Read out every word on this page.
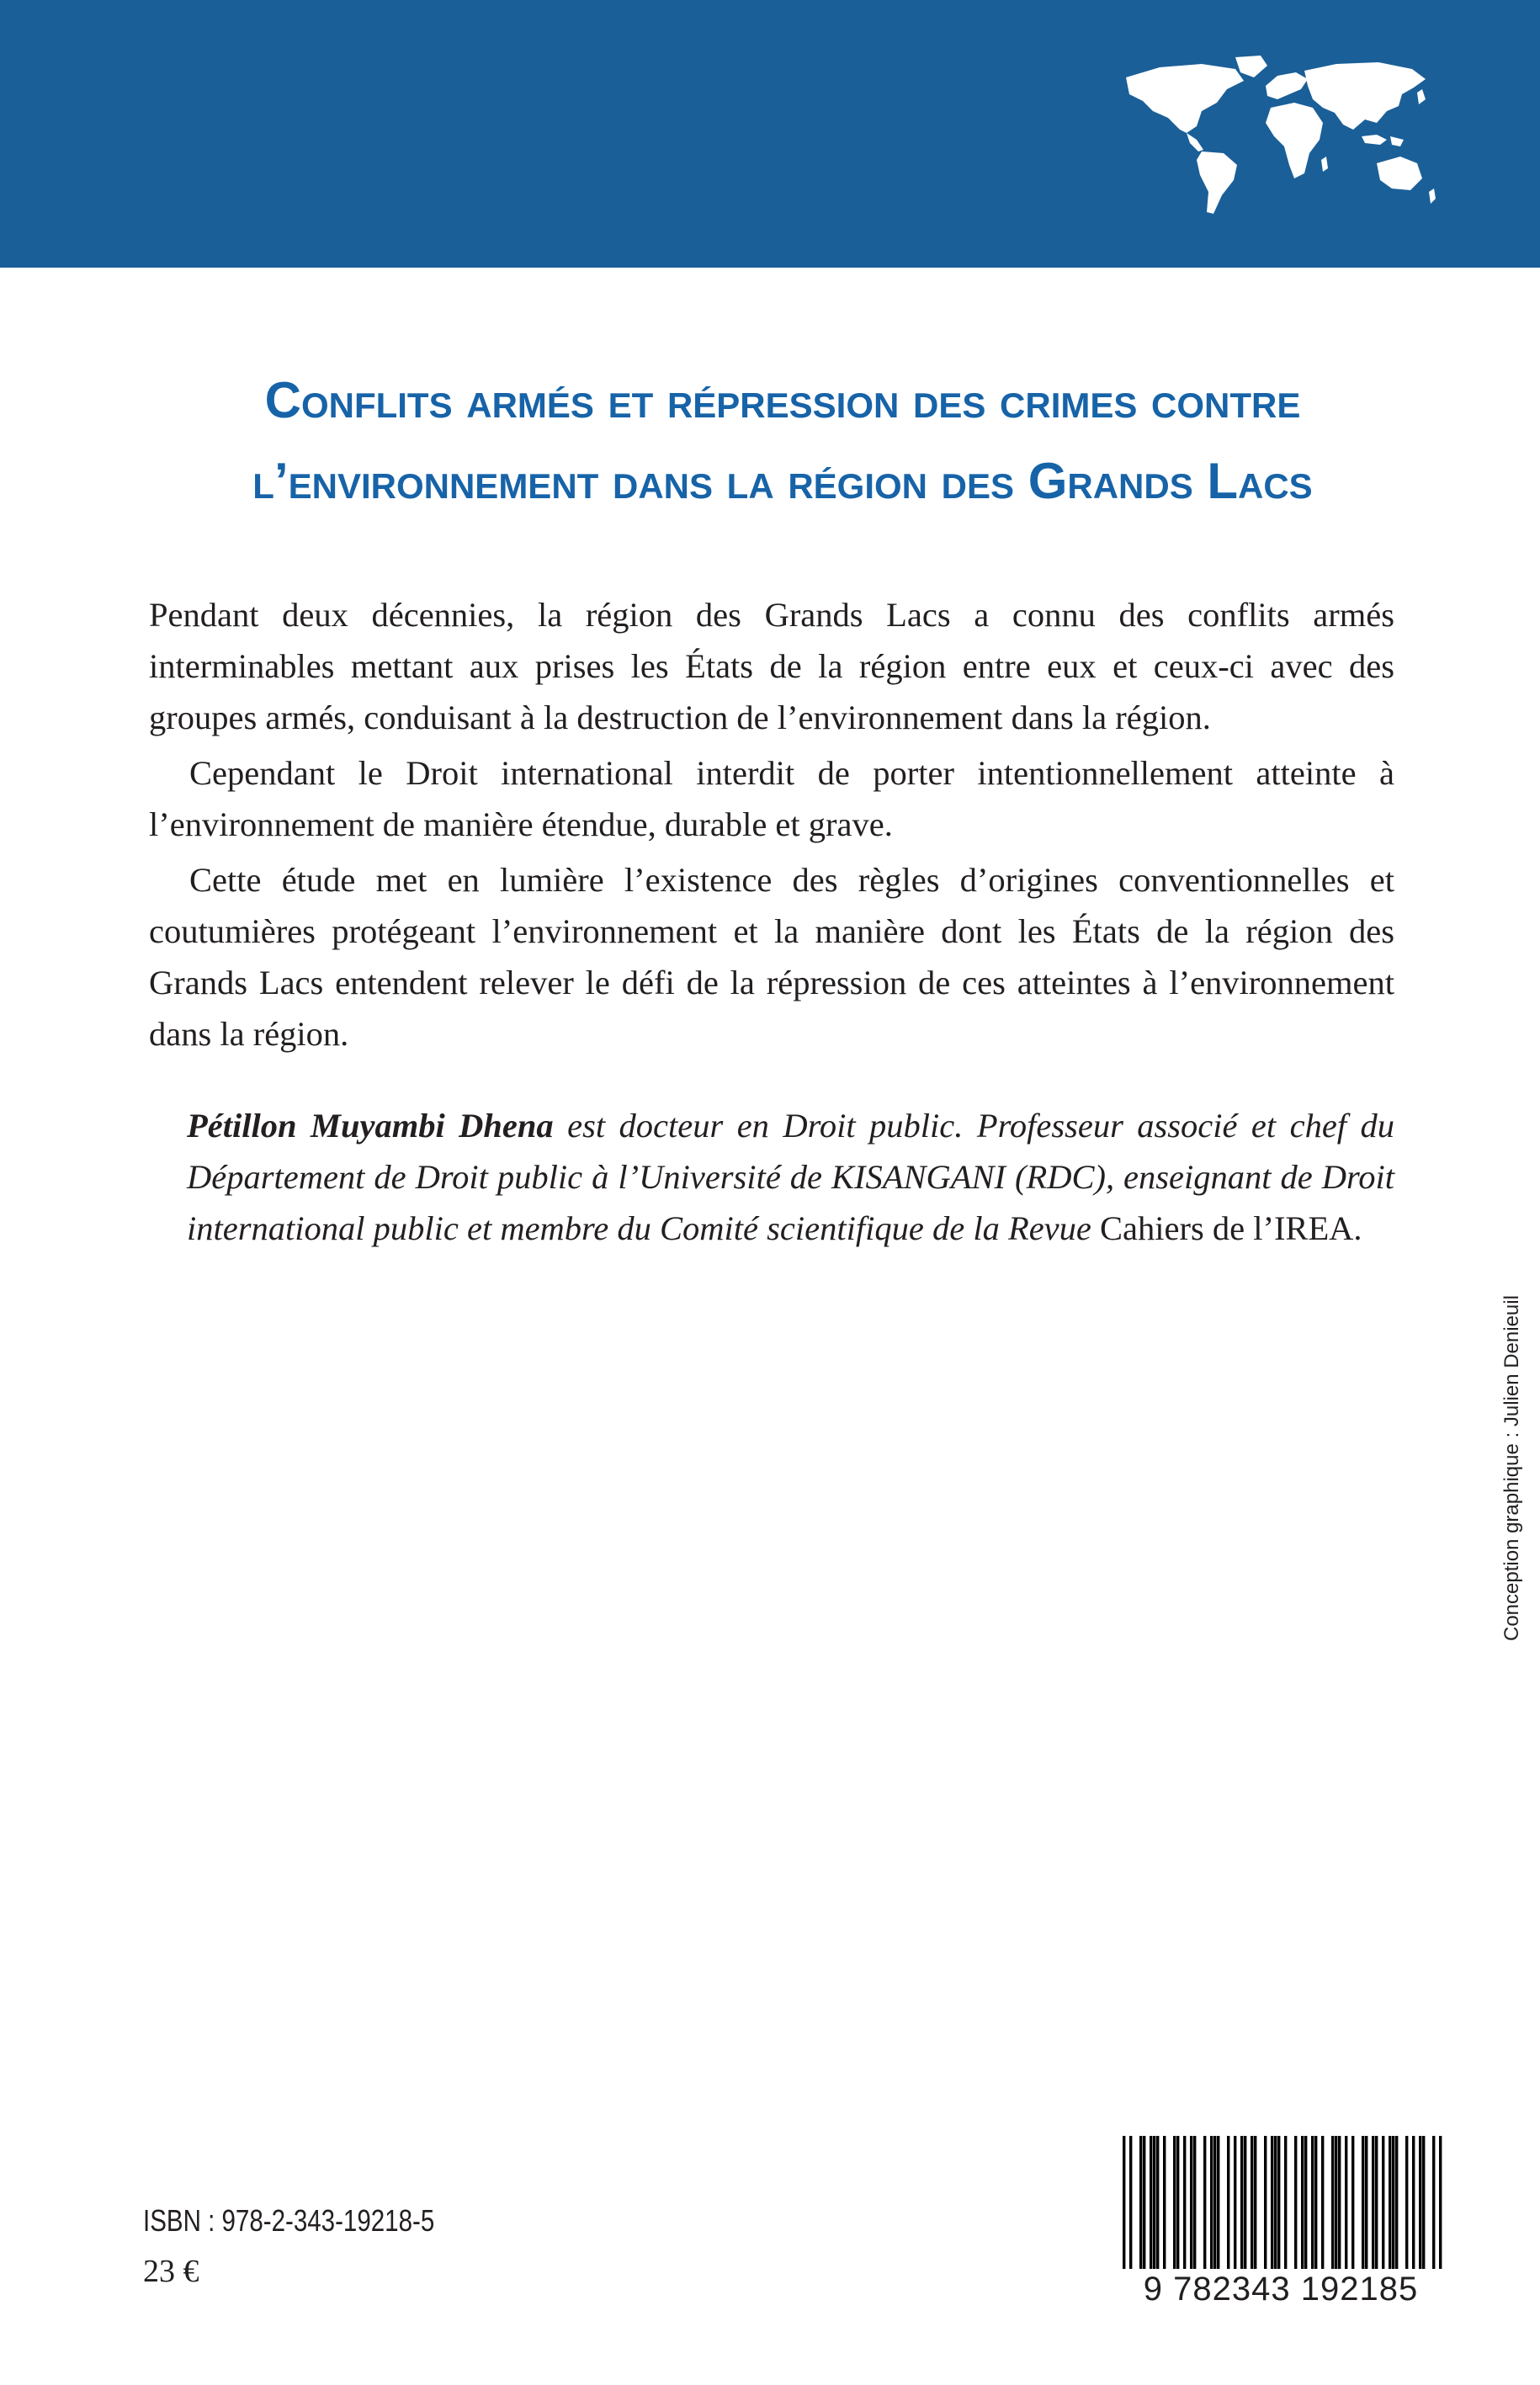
Conflits armés et répression des crimes contre
l’environnement dans la région des Grands Lacs

Pendant deux décennies, la région des Grands Lacs a connu des conflits armés interminables mettant aux prises les États de la région entre eux et ceux-ci avec des groupes armés, conduisant à la destruction de l’environnement dans la région.

Cependant le Droit international interdit de porter intentionnellement atteinte à l’environnement de manière étendue, durable et grave.

Cette étude met en lumière l’existence des règles d’origines conventionnelles et coutumières protégeant l’environnement et la manière dont les États de la région des Grands Lacs entendent relever le défi de la répression de ces atteintes à l’environnement dans la région.

Pétillon Muyambi Dhena est docteur en Droit public. Professeur associé et chef du Département de Droit public à l’Université de KISANGANI (RDC), enseignant de Droit international public et membre du Comité scientifique de la Revue Cahiers de l’IREA.
Conception graphique : Julien Denieuil
ISBN : 978-2-343-19218-5
23 €	9 782343 192185
